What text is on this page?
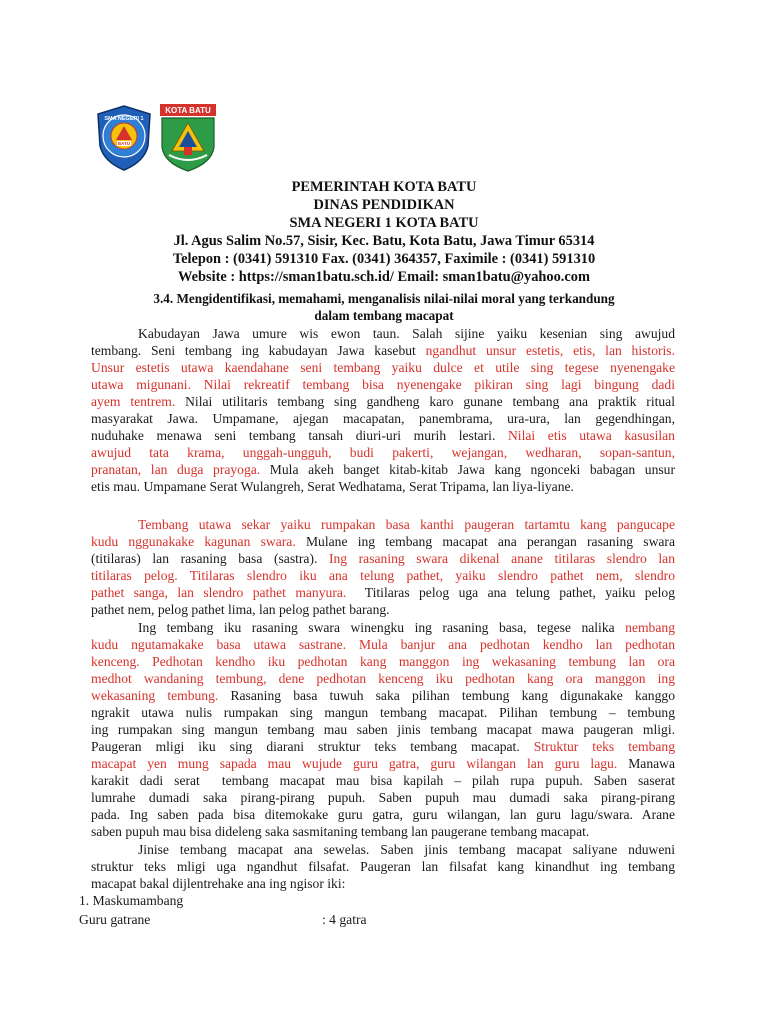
SMA NEGERI 1
BATU
KOTA BATU
PEMERINTAH KOTA BATU
DINAS PENDIDIKAN
SMA NEGERI 1 KOTA BATU
Jl. Agus Salim No.57, Sisir, Kec. Batu, Kota Batu, Jawa Timur 65314
Telepon : (0341) 591310 Fax. (0341) 364357, Faximile : (0341) 591310
Website : https://sman1batu.sch.id/ Email: sman1batu@yahoo.com
3.4. Mengidentifikasi, memahami, menganalisis nilai-nilai moral yang terkandung
dalam tembang macapat
Kabudayan Jawa umure wis ewon taun. Salah sijine yaiku kesenian sing awujud
tembang. Seni tembang ing kabudayan Jawa kasebut ngandhut unsur estetis, etis, lan historis.
Unsur estetis utawa kaendahane seni tembang yaiku dulce et utile sing tegese nyenengake
utawa migunani. Nilai rekreatif tembang bisa nyenengake pikiran sing lagi bingung dadi
ayem tentrem. Nilai utilitaris tembang sing gandheng karo gunane tembang ana praktik ritual
masyarakat Jawa. Umpamane, ajegan macapatan, panembrama, ura-ura, lan gegendhingan,
nuduhake menawa seni tembang tansah diuri-uri murih lestari. Nilai etis utawa kasusilan
awujud tata krama, unggah-ungguh, budi pakerti, wejangan, wedharan, sopan-santun,
pranatan, lan duga prayoga. Mula akeh banget kitab-kitab Jawa kang ngonceki babagan unsur
etis mau. Umpamane Serat Wulangreh, Serat Wedhatama, Serat Tripama, lan liya-liyane.
Tembang utawa sekar yaiku rumpakan basa kanthi paugeran tartamtu kang pangucape
kudu nggunakake kagunan swara. Mulane ing tembang macapat ana perangan rasaning swara
(titilaras) lan rasaning basa (sastra). Ing rasaning swara dikenal anane titilaras slendro lan
titilaras pelog. Titilaras slendro iku ana telung pathet, yaiku slendro pathet nem, slendro
pathet sanga, lan slendro pathet manyura.  Titilaras pelog uga ana telung pathet, yaiku pelog
pathet nem, pelog pathet lima, lan pelog pathet barang.
Ing tembang iku rasaning swara winengku ing rasaning basa, tegese nalika nembang
kudu ngutamakake basa utawa sastrane. Mula banjur ana pedhotan kendho lan pedhotan
kenceng. Pedhotan kendho iku pedhotan kang manggon ing wekasaning tembung lan ora
medhot wandaning tembung, dene pedhotan kenceng iku pedhotan kang ora manggon ing
wekasaning tembung. Rasaning basa tuwuh saka pilihan tembung kang digunakake kanggo
ngrakit utawa nulis rumpakan sing mangun tembang macapat. Pilihan tembung – tembung
ing rumpakan sing mangun tembang mau saben jinis tembang macapat mawa paugeran mligi.
Paugeran mligi iku sing diarani struktur teks tembang macapat. Struktur teks tembang
macapat yen mung sapada mau wujude guru gatra, guru wilangan lan guru lagu. Manawa
karakit dadi serat  tembang macapat mau bisa kapilah – pilah rupa pupuh. Saben saserat
lumrahe dumadi saka pirang-pirang pupuh. Saben pupuh mau dumadi saka pirang-pirang
pada. Ing saben pada bisa ditemokake guru gatra, guru wilangan, lan guru lagu/swara. Arane
saben pupuh mau bisa dideleng saka sasmitaning tembang lan paugerane tembang macapat.
Jinise tembang macapat ana sewelas. Saben jinis tembang macapat saliyane nduweni
struktur teks mligi uga ngandhut filsafat. Paugeran lan filsafat kang kinandhut ing tembang
macapat bakal dijlentrehake ana ing ngisor iki:
1. Maskumambang
Guru gatrane	: 4 gatra
